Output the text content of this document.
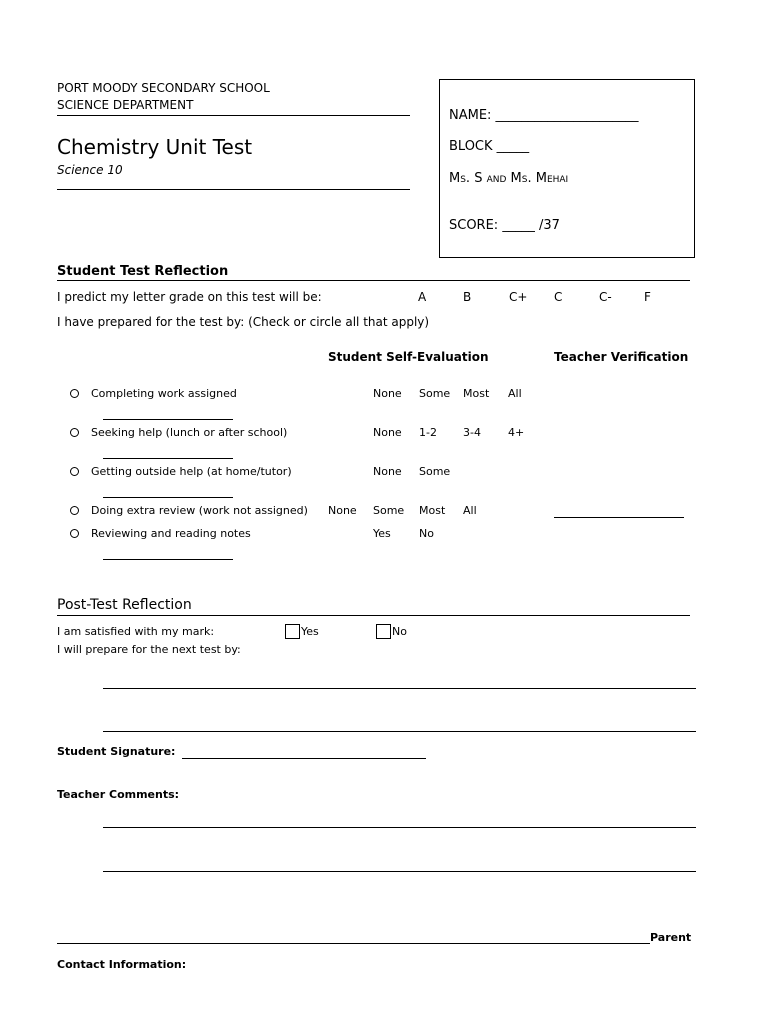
PORT MOODY SECONDARY SCHOOL
SCIENCE DEPARTMENT
Chemistry Unit Test
Science 10
NAME: ______________________
BLOCK _____
Ms. S and Ms. Mehai
SCORE: _____ /37
Student Test Reflection
I predict my letter grade on this test will be:	A	B	C+ C	C-	F
I have prepared for the test by: (Check or circle all that apply)
Student Self-Evaluation	Teacher Verification
Completing work assigned	None Some Most All
Seeking help (lunch or after school)	None 1-2 3-4 4+
Getting outside help (at home/tutor)	None Some
Doing extra review (work not assigned) None Some Most All
Reviewing and reading notes	Yes	No
Post-Test Reflection
I am satisfied with my mark:	Yes	No
I will prepare for the next test by:
Student Signature:
Teacher Comments:
Parent
Contact Information:
